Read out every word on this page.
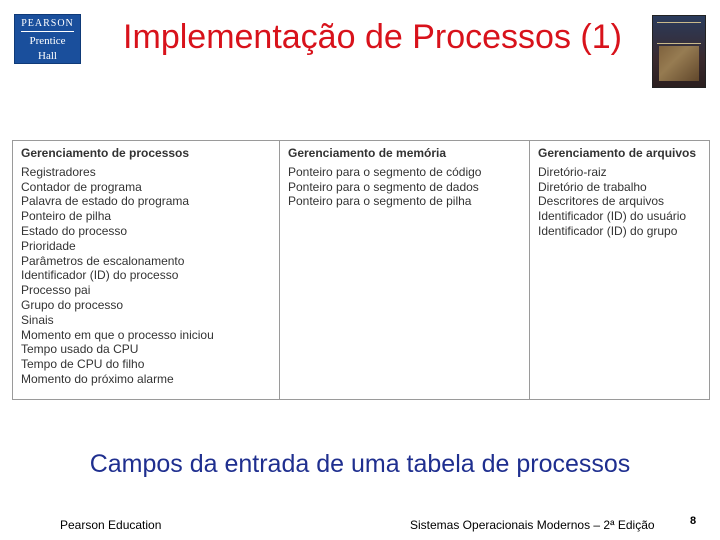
PEARSON
Prentice
Hall	Implementação de Processos (1)
Gerenciamento de processos
Registradores
Contador de programa
Palavra de estado do programa
Ponteiro de pilha
Estado do processo
Prioridade
Parâmetros de escalonamento
Identificador (ID) do processo
Processo pai
Grupo do processo
Sinais
Momento em que o processo iniciou
Tempo usado da CPU
Tempo de CPU do filho
Momento do próximo alarme
Gerenciamento de memória
Ponteiro para o segmento de código
Ponteiro para o segmento de dados
Ponteiro para o segmento de pilha
Gerenciamento de arquivos
Diretório-raiz
Diretório de trabalho
Descritores de arquivos
Identificador (ID) do usuário
Identificador (ID) do grupo
Campos da entrada de uma tabela de processos
Pearson Education	Sistemas Operacionais Modernos – 2ª Edição	8
